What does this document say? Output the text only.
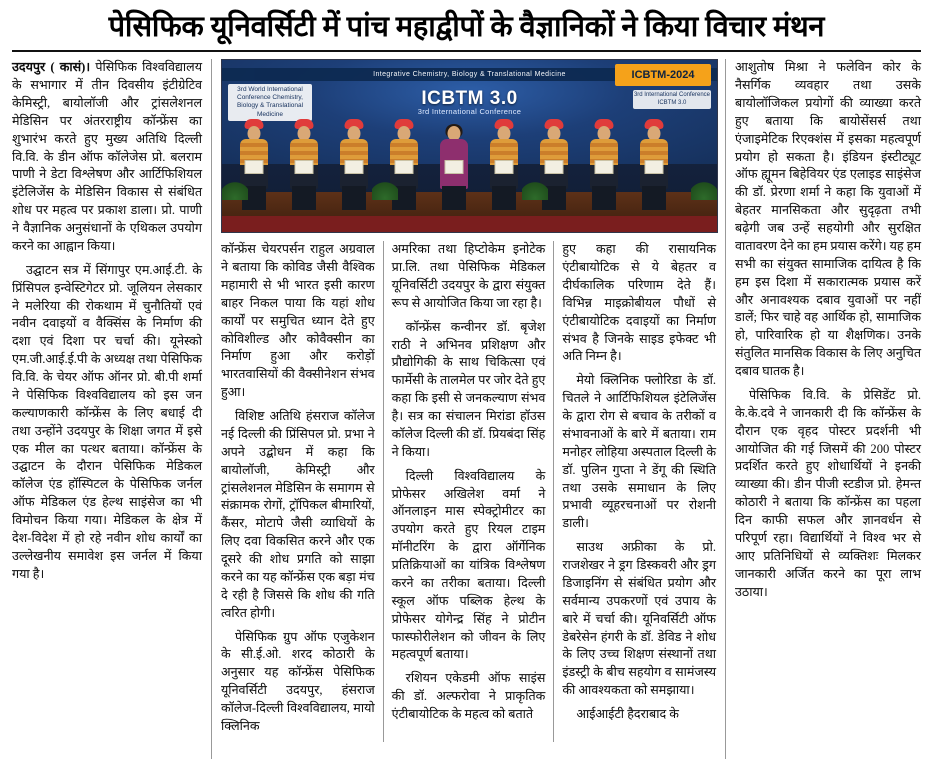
पेसिफिक यूनिवर्सिटी में पांच महाद्वीपों के वैज्ञानिकों ने किया विचार मंथन

उदयपुर ( कासं)। पेसिफिक विश्वविद्यालय के सभागार में तीन दिवसीय इंटीग्रेटिव केमिस्ट्री, बायोलॉजी और ट्रांसलेशनल मेडिसिन पर अंतरराष्ट्रीय कॉन्फ्रेंस का शुभारंभ करते हुए मुख्य अतिथि दिल्ली वि.वि. के डीन ऑफ कॉलेजेस प्रो. बलराम पाणी ने डेटा विश्लेषण और आर्टिफिशियल इंटेलिजेंस के मेडिसिन विकास से संबंधित शोध पर महत्व पर प्रकाश डाला। प्रो. पाणी ने वैज्ञानिक अनुसंधानों के एथिकल उपयोग करने का आह्वान किया।

उद्घाटन सत्र में सिंगापुर एम.आई.टी. के प्रिंसिपल इन्वेस्टिगेटर प्रो. जूलियन लेसकार ने मलेरिया की रोकथाम में चुनौतियों एवं नवीन दवाइयों व वैक्सिंस के निर्माण की दशा एवं दिशा पर चर्चा की। यूनेस्को एम.जी.आई.ई.पी के अध्यक्ष तथा पेसिफिक वि.वि. के चेयर ऑफ ऑनर प्रो. बी.पी शर्मा ने पेसिफिक विश्वविद्यालय को इस जन कल्याणकारी कॉन्फ्रेंस के लिए बधाई दी तथा उन्होंने उदयपुर के शिक्षा जगत में इसे एक मील का पत्थर बताया। कॉन्फ्रेंस के उद्घाटन के दौरान पेसिफिक मेडिकल कॉलेज एंड हॉस्पिटल के पेसिफिक जर्नल ऑफ मेडिकल एंड हेल्थ साइंसेज का भी विमोचन किया गया। मेडिकल के क्षेत्र में देश-विदेश में हो रहे नवीन शोध कार्यों का उल्लेखनीय समावेश इस जर्नल में किया गया है।

Integrative Chemistry, Biology & Translational Medicine
ICBTM 3.0
3rd International Conference
ICBTM-2024
3rd World International Conference Chemistry, Biology & Translational Medicine
3rd International Conference ICBTM 3.0

कॉन्फ्रेंस चेयरपर्सन राहुल अग्रवाल ने बताया कि कोविड जैसी वैश्विक महामारी से भी भारत इसी कारण बाहर निकल पाया कि यहां शोध कार्यों पर समुचित ध्यान देते हुए कोविशील्ड और कोवैक्सीन का निर्माण हुआ और करोड़ों भारतवासियों की वैक्सीनेशन संभव हुआ।

विशिष्ट अतिथि हंसराज कॉलेज नई दिल्ली की प्रिंसिपल प्रो. प्रभा ने अपने उद्बोधन में कहा कि बायोलॉजी, केमिस्ट्री और ट्रांसलेशनल मेडिसिन के समागम से संक्रामक रोगों, ट्रॉपिकल बीमारियों, कैंसर, मोटापे जैसी व्याधियों के लिए दवा विकसित करने और एक दूसरे की शोध प्रगति को साझा करने का यह कॉन्फ्रेंस एक बड़ा मंच दे रही है जिससे कि शोध की गति त्वरित होगी।

पेसिफिक ग्रुप ऑफ एजुकेशन के सी.ई.ओ. शरद कोठारी के अनुसार यह कॉन्फ्रेंस पेसिफिक यूनिवर्सिटी उदयपुर, हंसराज कॉलेज-दिल्ली विश्वविद्यालय, मायो क्लिनिक

अमरिका तथा हिप्टोकेम इनोटेक प्रा.लि. तथा पेसिफिक मेडिकल यूनिवर्सिटी उदयपुर के द्वारा संयुक्त रूप से आयोजित किया जा रहा है।

कॉन्फ्रेंस कन्वीनर डॉ. बृजेश राठी ने अभिनव प्रशिक्षण और प्रौद्योगिकी के साथ चिकित्सा एवं फार्मेसी के तालमेल पर जोर देते हुए कहा कि इसी से जनकल्याण संभव है। सत्र का संचालन मिरांडा हॉउस कॉलेज दिल्ली की डॉ. प्रियबंदा सिंह ने किया।

दिल्ली विश्वविद्यालय के प्रोफेसर अखिलेश वर्मा ने ऑनलाइन मास स्पेक्ट्रोमीटर का उपयोग करते हुए रियल टाइम मॉनीटरिंग के द्वारा ऑर्गेनिक प्रतिक्रियाओं का यांत्रिक विश्लेषण करने का तरीका बताया। दिल्ली स्कूल ऑफ पब्लिक हेल्थ के प्रोफेसर योगेन्द्र सिंह ने प्रोटीन फास्फोरीलेशन को जीवन के लिए महत्वपूर्ण बताया।

रशियन एकेडमी ऑफ साइंस की डॉ. अल्फरोवा ने प्राकृतिक एंटीबायोटिक के महत्व को बताते

हुए कहा की रासायनिक एंटीबायोटिक से ये बेहतर व दीर्घकालिक परिणाम देते हैं। विभिन्न माइक्रोबीयल पौधों से एंटीबायोटिक दवाइयों का निर्माण संभव है जिनके साइड इफेक्ट भी अति निम्न है।

मेयो क्लिनिक फ्लोरिडा के डॉ. चितले ने आर्टिफिशियल इंटेलिजेंस के द्वारा रोग से बचाव के तरीकों व संभावनाओं के बारे में बताया। राम मनोहर लोहिया अस्पताल दिल्ली के डॉ. पुलिन गुप्ता ने डेंगू की स्थिति तथा उसके समाधान के लिए प्रभावी व्यूहरचनाओं पर रोशनी डाली।

साउथ अफ्रीका के प्रो. राजशेखर ने ड्रग डिस्कवरी और ड्रग डिजाइनिंग से संबंधित प्रयोग और सर्वमान्य उपकरणों एवं उपाय के बारे में चर्चा की। यूनिवर्सिटी ऑफ डेबरेसेन हंगरी के डॉ. डेविड ने शोध के लिए उच्च शिक्षण संस्थानों तथा इंडस्ट्री के बीच सहयोग व सामंजस्य की आवश्यकता को समझाया।

आईआईटी हैदराबाद के

आशुतोष मिश्रा ने फलेविन कोर के नैसर्गिक व्यवहार तथा उसके बायोलॉजिकल प्रयोगों की व्याख्या करते हुए बताया कि बायोसेंसर्स तथा एंजाइमेटिक रिएक्शंस में इसका महत्वपूर्ण प्रयोग हो सकता है। इंडियन इंस्टीट्यूट ऑफ ह्यूमन बिहेवियर एंड एलाइड साइंसेज की डॉ. प्रेरणा शर्मा ने कहा कि युवाओं में बेहतर मानसिकता और सुदृढ़ता तभी बढ़ेगी जब उन्हें सहयोगी और सुरक्षित वातावरण देने का हम प्रयास करेंगे। यह हम सभी का संयुक्त सामाजिक दायित्व है कि हम इस दिशा में सकारात्मक प्रयास करें और अनावश्यक दबाव युवाओं पर नहीं डालें; फिर चाहे वह आर्थिक हो, सामाजिक हो, पारिवारिक हो या शैक्षणिक। उनके संतुलित मानसिक विकास के लिए अनुचित दबाव घातक है।

पेसिफिक वि.वि. के प्रेसिडेंट प्रो. के.के.दवे ने जानकारी दी कि कॉन्फ्रेंस के दौरान एक वृहद पोस्टर प्रदर्शनी भी आयोजित की गई जिसमें की 200 पोस्टर प्रदर्शित करते हुए शोधार्थियों ने इनकी व्याख्या की। डीन पीजी स्टडीज प्रो. हेमन्त कोठारी ने बताया कि कॉन्फ्रेंस का पहला दिन काफी सफल और ज्ञानवर्धन से परिपूर्ण रहा। विद्यार्थियों ने विश्व भर से आए प्रतिनिधियों से व्यक्तिशः मिलकर जानकारी अर्जित करने का पूरा लाभ उठाया।
